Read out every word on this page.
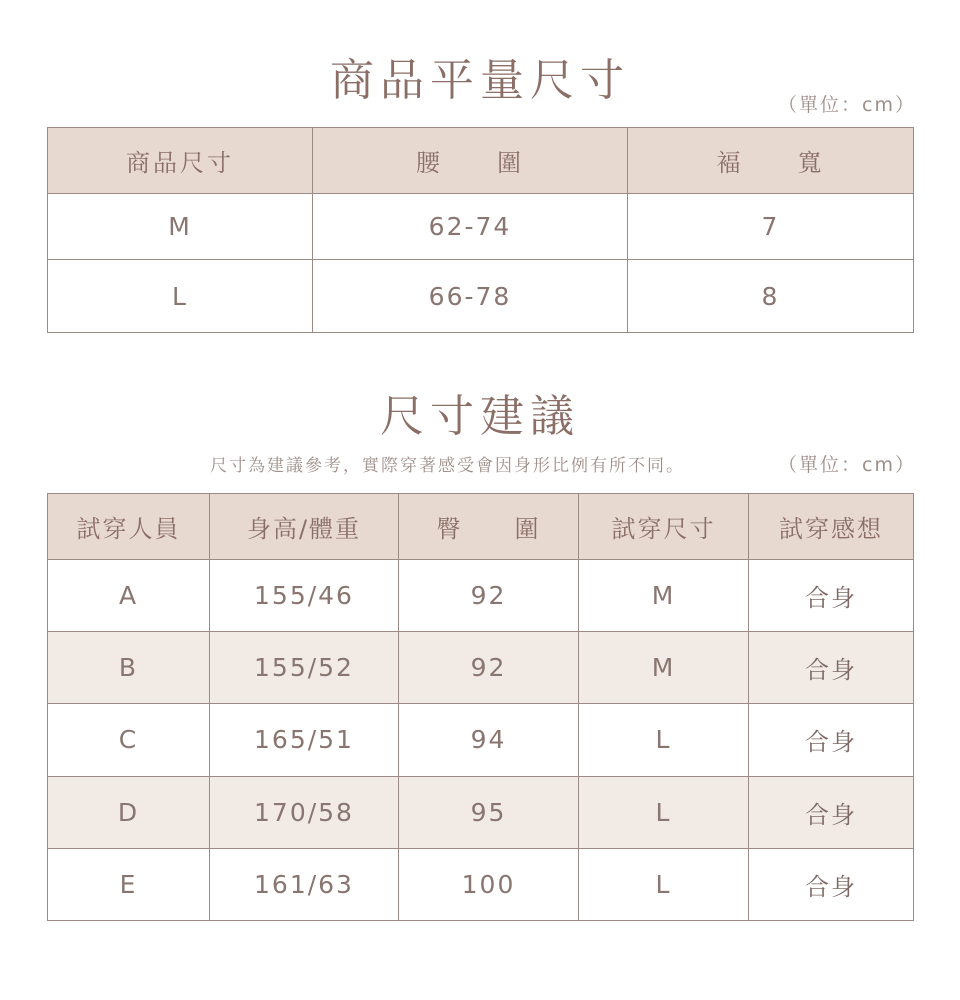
商品平量尺寸	（單位：cm）
商品尺寸	腰　　圍	褔　　寬
M	62-74	7
L	66-78	8
尺寸建議
尺寸為建議參考，實際穿著感受會因身形比例有所不同。	（單位：cm）
試穿人員	身高/體重	臀　　圍	試穿尺寸	試穿感想
A	155/46	92	M	合身
B	155/52	92	M	合身
C	165/51	94	L	合身
D	170/58	95	L	合身
E	161/63	100	L	合身
